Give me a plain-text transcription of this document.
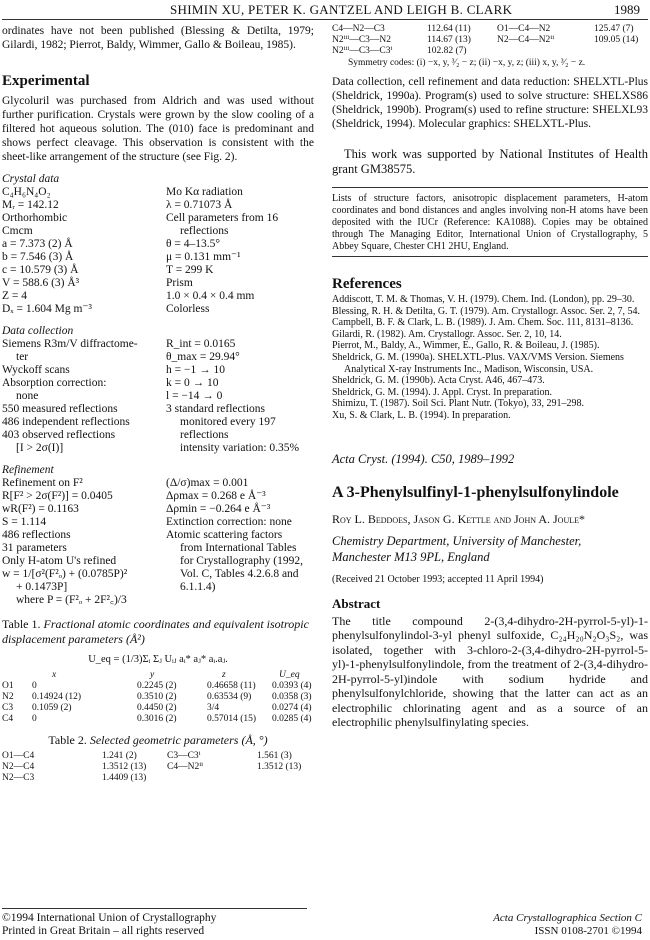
SHIMIN XU, PETER K. GANTZEL AND LEIGH B. CLARK	1989

ordinates have not been published (Blessing & Detilta, 1979; Gilardi, 1982; Pierrot, Baldy, Wimmer, Gallo & Boileau, 1985).

Experimental

Glycoluril was purchased from Aldrich and was used without further purification. Crystals were grown by the slow cooling of a filtered hot aqueous solution. The (010) face is predominant and shows perfect cleavage. This observation is consistent with the sheet-like arrangement of the structure (see Fig. 2).

Crystal data
C₄H₆N₄O₂	Mo Kα radiation
Mᵣ = 142.12	λ = 0.71073 Å
Orthorhombic	Cell parameters from 16
Cmcm	reflections
a = 7.373 (2) Å	θ = 4–13.5°
b = 7.546 (3) Å	μ = 0.131 mm⁻¹
c = 10.579 (3) Å	T = 299 K
V = 588.6 (3) Å³	Prism
Z = 4	1.0 × 0.4 × 0.4 mm
Dₓ = 1.604 Mg m⁻³	Colorless
Data collection
Siemens R3m/V diffractome- R_int = 0.0165
ter	θ_max = 29.94°
Wyckoff scans	h = −1 → 10
Absorption correction:	k = 0 → 10
none	l = −14 → 0
550 measured reflections	3 standard reflections
486 independent reflections	monitored every 197
403 observed reflections	reflections
[I > 2σ(I)]	intensity variation: 0.35%
Refinement
Refinement on F²	(Δ/σ)max = 0.001
R[F² > 2σ(F²)] = 0.0405	Δρmax = 0.268 e Å⁻³
wR(F²) = 0.1163	Δρmin = −0.264 e Å⁻³
S = 1.114	Extinction correction: none
486 reflections	Atomic scattering factors
31 parameters	from International Tables
Only H-atom U's refined	for Crystallography (1992,
w = 1/[σ²(F²ₒ) + (0.0785P)²	Vol. C, Tables 4.2.6.8 and
+ 0.1473P]	6.1.1.4)
where P = (F²ₒ + 2F²꜀)/3
Table 1. Fractional atomic coordinates and equivalent isotropic displacement parameters (Å²)
U_eq = (1/3)Σᵢ Σⱼ Uᵢⱼ aᵢ* aⱼ* aᵢ.aⱼ.
x	y	z	U_eq
O1 0	0.2245 (2)	0.46658 (11) 0.0393 (4)
N2 0.14924 (12)	0.3510 (2)	0.63534 (9) 0.0358 (3)
C3 0.1059 (2)	0.4450 (2)	3/4	0.0274 (4)
C4 0	0.3016 (2)	0.57014 (15) 0.0285 (4)
Table 2. Selected geometric parameters (Å, °)
O1—C4	1.241 (2)	C3—C3ⁱ	1.561 (3)
N2—C4	1.3512 (13) C4—N2ⁱⁱ	1.3512 (13)
N2—C3	1.4409 (13)
C4—N2—C3	112.64 (11)	O1—C4—N2	125.47 (7)
N2ⁱⁱⁱ—C3—N2	114.67 (13)	N2—C4—N2ⁱⁱ	109.05 (14)
N2ⁱⁱⁱ—C3—C3ⁱ	102.82 (7)
Symmetry codes: (i) −x, y, ³⁄₂ − z; (ii) −x, y, z; (iii) x, y, ³⁄₂ − z.

Data collection, cell refinement and data reduction: SHELXTL-Plus (Sheldrick, 1990a). Program(s) used to solve structure: SHELXS86 (Sheldrick, 1990b). Program(s) used to refine structure: SHELXL93 (Sheldrick, 1994). Molecular graphics: SHELXTL-Plus.

This work was supported by National Institutes of Health grant GM38575.

Lists of structure factors, anisotropic displacement parameters, H-atom coordinates and bond distances and angles involving non-H atoms have been deposited with the IUCr (Reference: KA1088). Copies may be obtained through The Managing Editor, International Union of Crystallography, 5 Abbey Square, Chester CH1 2HU, England.

References
Addiscott, T. M. & Thomas, V. H. (1979). Chem. Ind. (London), pp. 29–30.
Blessing, R. H. & Detilta, G. T. (1979). Am. Crystallogr. Assoc. Ser. 2, 7, 54.
Campbell, B. F. & Clark, L. B. (1989). J. Am. Chem. Soc. 111, 8131–8136.
Gilardi, R. (1982). Am. Crystallogr. Assoc. Ser. 2, 10, 14.
Pierrot, M., Baldy, A., Wimmer, E., Gallo, R. & Boileau, J. (1985).
Sheldrick, G. M. (1990a). SHELXTL-Plus. VAX/VMS Version. Siemens Analytical X-ray Instruments Inc., Madison, Wisconsin, USA.
Sheldrick, G. M. (1990b). Acta Cryst. A46, 467–473.
Sheldrick, G. M. (1994). J. Appl. Cryst. In preparation.
Shimizu, T. (1987). Soil Sci. Plant Nutr. (Tokyo), 33, 291–298.
Xu, S. & Clark, L. B. (1994). In preparation.
Acta Cryst. (1994). C50, 1989–1992
A 3-Phenylsulfinyl-1-phenylsulfonylindole
Roy L. Beddoes, Jason G. Kettle and John A. Joule*
Chemistry Department, University of Manchester,
Manchester M13 9PL, England
(Received 21 October 1993; accepted 11 April 1994)
Abstract

The title compound 2-(3,4-dihydro-2H-pyrrol-5-yl)-1-phenylsulfonylindol-3-yl phenyl sulfoxide, C₂₄H₂₀N₂O₃S₂, was isolated, together with 3-chloro-2-(3,4-dihydro-2H-pyrrol-5-yl)-1-phenylsulfonylindole, from the treatment of 2-(3,4-dihydro-2H-pyrrol-5-yl)indole with sodium hydride and phenylsulfonylchloride, showing that the latter can act as an electrophilic chlorinating agent and as a source of an electrophilic phenylsulfinylating species.

©1994 International Union of Crystallography
Printed in Great Britain – all rights reserved
Acta Crystallographica Section C
ISSN 0108-2701 ©1994
